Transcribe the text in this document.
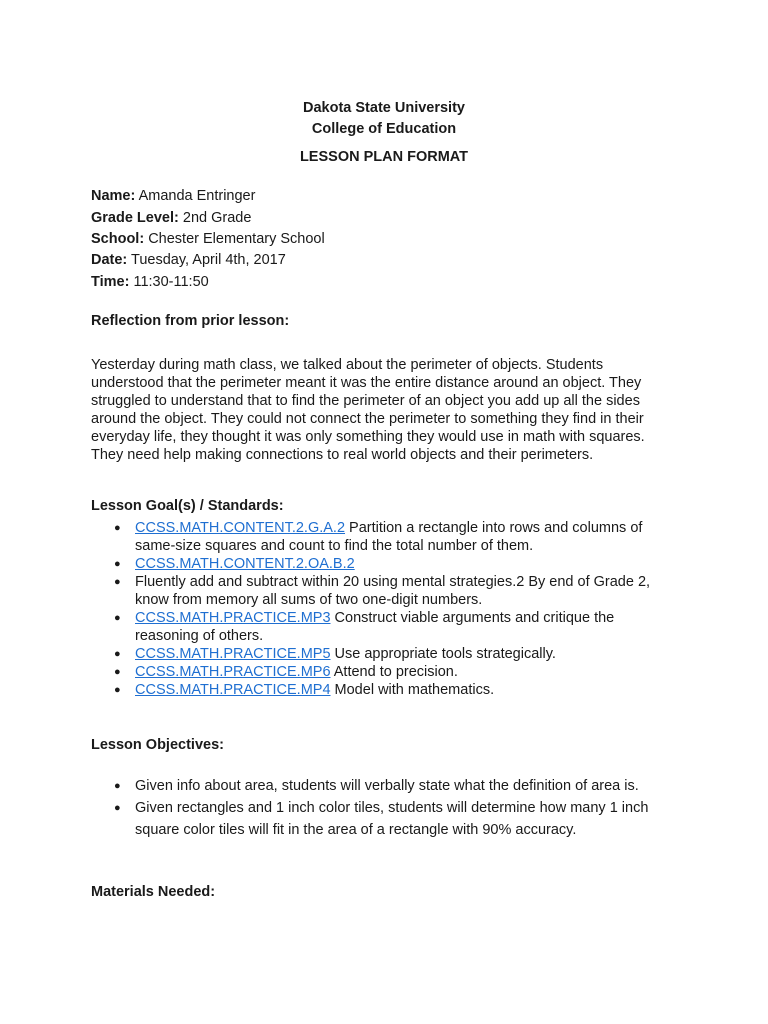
Dakota State University
College of Education
LESSON PLAN FORMAT
Name: Amanda Entringer
Grade Level: 2nd Grade
School: Chester Elementary School
Date: Tuesday, April 4th, 2017
Time: 11:30-11:50
Reflection from prior lesson:
Yesterday during math class, we talked about the perimeter of objects. Students
understood that the perimeter meant it was the entire distance around an object. They
struggled to understand that to find the perimeter of an object you add up all the sides
around the object. They could not connect the perimeter to something they find in their
everyday life, they thought it was only something they would use in math with squares.
They need help making connections to real world objects and their perimeters.
Lesson Goal(s) / Standards:
● CCSS.MATH.CONTENT.2.G.A.2 Partition a rectangle into rows and columns of
same-size squares and count to find the total number of them.
● CCSS.MATH.CONTENT.2.OA.B.2
● Fluently add and subtract within 20 using mental strategies.2 By end of Grade 2,
know from memory all sums of two one-digit numbers.
● CCSS.MATH.PRACTICE.MP3 Construct viable arguments and critique the
reasoning of others.
● CCSS.MATH.PRACTICE.MP5 Use appropriate tools strategically.
● CCSS.MATH.PRACTICE.MP6 Attend to precision.
● CCSS.MATH.PRACTICE.MP4 Model with mathematics.
Lesson Objectives:
● Given info about area, students will verbally state what the definition of area is.
● Given rectangles and 1 inch color tiles, students will determine how many 1 inch
square color tiles will fit in the area of a rectangle with 90% accuracy.
Materials Needed:
